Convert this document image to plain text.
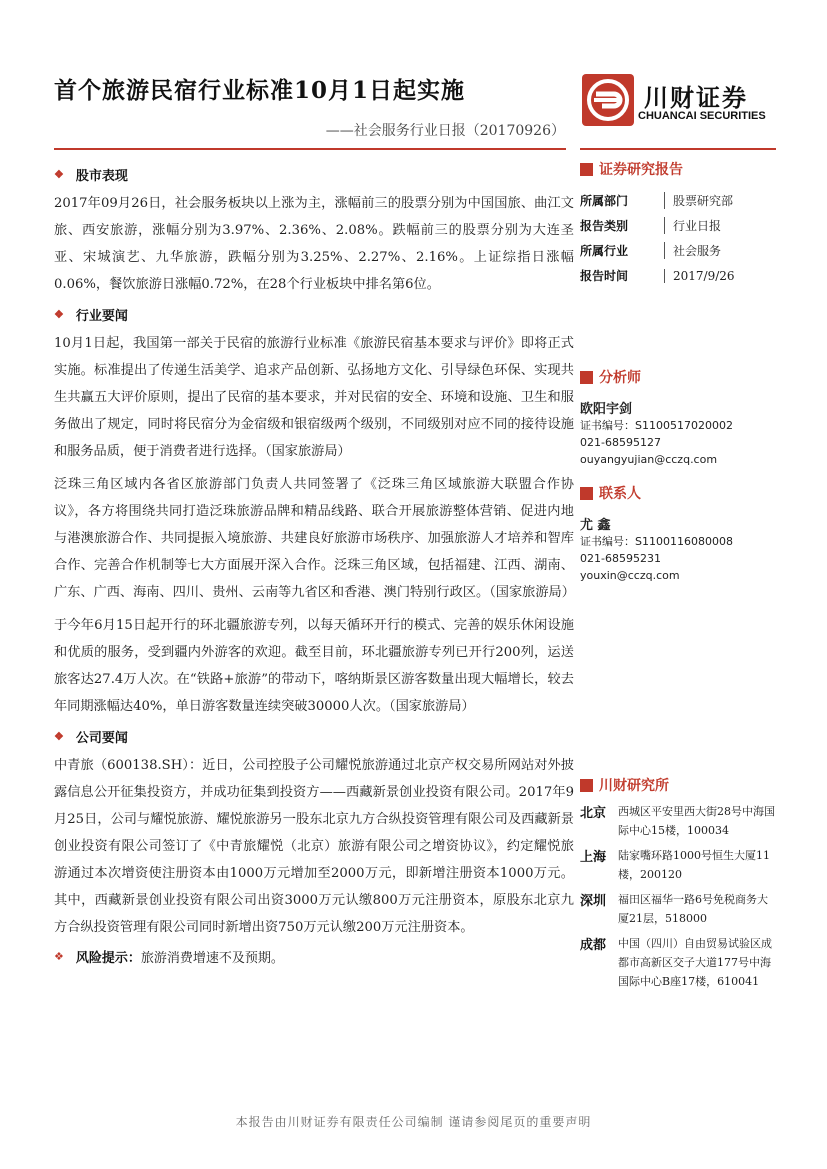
首个旅游民宿行业标准10月1日起实施
——社会服务行业日报（20170926）
川财证券
CHUANCAI SECURITIES
❖ 股市表现

2017年09月26日，社会服务板块以上涨为主，涨幅前三的股票分别为中国国旅、曲江文旅、西安旅游，涨幅分别为3.97%、2.36%、2.08%。跌幅前三的股票分别为大连圣亚、宋城演艺、九华旅游，跌幅分别为3.25%、2.27%、2.16%。上证综指日涨幅0.06%，餐饮旅游日涨幅0.72%，在28个行业板块中排名第6位。

❖ 行业要闻

10月1日起，我国第一部关于民宿的旅游行业标准《旅游民宿基本要求与评价》即将正式实施。标准提出了传递生活美学、追求产品创新、弘扬地方文化、引导绿色环保、实现共生共赢五大评价原则，提出了民宿的基本要求，并对民宿的安全、环境和设施、卫生和服务做出了规定，同时将民宿分为金宿级和银宿级两个级别，不同级别对应不同的接待设施和服务品质，便于消费者进行选择。（国家旅游局）

泛珠三角区域内各省区旅游部门负责人共同签署了《泛珠三角区域旅游大联盟合作协议》，各方将围绕共同打造泛珠旅游品牌和精品线路、联合开展旅游整体营销、促进内地与港澳旅游合作、共同提振入境旅游、共建良好旅游市场秩序、加强旅游人才培养和智库合作、完善合作机制等七大方面展开深入合作。泛珠三角区域，包括福建、江西、湖南、广东、广西、海南、四川、贵州、云南等九省区和香港、澳门特别行政区。（国家旅游局）

于今年6月15日起开行的环北疆旅游专列，以每天循环开行的模式、完善的娱乐休闲设施和优质的服务，受到疆内外游客的欢迎。截至目前，环北疆旅游专列已开行200列，运送旅客达27.4万人次。在“铁路+旅游”的带动下，喀纳斯景区游客数量出现大幅增长，较去年同期涨幅达40%，单日游客数量连续突破30000人次。（国家旅游局）

❖ 公司要闻

中青旅（600138.SH）：近日，公司控股子公司耀悦旅游通过北京产权交易所网站对外披露信息公开征集投资方，并成功征集到投资方——西藏新景创业投资有限公司。2017年9月25日，公司与耀悦旅游、耀悦旅游另一股东北京九方合纵投资管理有限公司及西藏新景创业投资有限公司签订了《中青旅耀悦（北京）旅游有限公司之增资协议》，约定耀悦旅游通过本次增资使注册资本由1000万元增加至2000万元，即新增注册资本1000万元。其中，西藏新景创业投资有限公司出资3000万元认缴800万元注册资本，原股东北京九方合纵投资管理有限公司同时新增出资750万元认缴200万元注册资本。

❖ 风险提示： 旅游消费增速不及预期。
证券研究报告
所属部门	股票研究部
报告类别	行业日报
所属行业	社会服务
报告时间	2017/9/26
分析师
欧阳宇剑
证书编号：S1100517020002
021-68595127
ouyangyujian@cczq.com
联系人
尤 鑫
证书编号：S1100116080008
021-68595231
youxin@cczq.com
川财研究所
北京	西城区平安里西大街28号中海国际中心15楼，100034
上海	陆家嘴环路1000号恒生大厦11楼，200120
深圳	福田区福华一路6号免税商务大厦21层，518000
成都	中国（四川）自由贸易试验区成都市高新区交子大道177号中海国际中心B座17楼，610041
本报告由川财证券有限责任公司编制 谨请参阅尾页的重要声明
